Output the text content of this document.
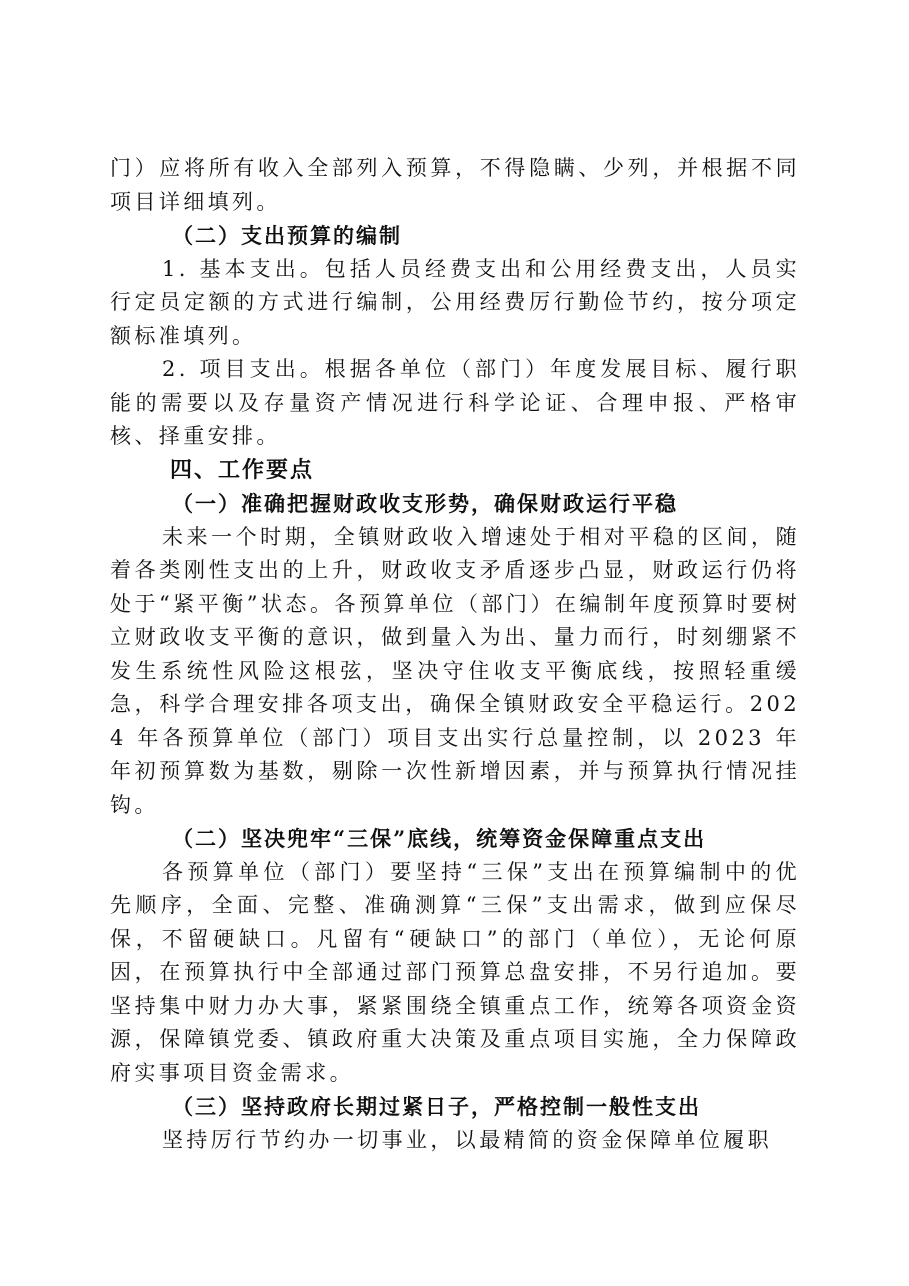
门）应将所有收入全部列入预算，不得隐瞒、少列，并根据不同项目详细填列。

（二）支出预算的编制

1. 基本支出。包括人员经费支出和公用经费支出，人员实行定员定额的方式进行编制，公用经费厉行勤俭节约，按分项定额标准填列。

2. 项目支出。根据各单位（部门）年度发展目标、履行职能的需要以及存量资产情况进行科学论证、合理申报、严格审核、择重安排。

四、工作要点

（一）准确把握财政收支形势，确保财政运行平稳

未来一个时期，全镇财政收入增速处于相对平稳的区间，随着各类刚性支出的上升，财政收支矛盾逐步凸显，财政运行仍将处于“紧平衡”状态。各预算单位（部门）在编制年度预算时要树立财政收支平衡的意识，做到量入为出、量力而行，时刻绷紧不发生系统性风险这根弦，坚决守住收支平衡底线，按照轻重缓急，科学合理安排各项支出，确保全镇财政安全平稳运行。2024 年各预算单位（部门）项目支出实行总量控制，以 2023 年年初预算数为基数，剔除一次性新增因素，并与预算执行情况挂钩。

（二）坚决兜牢“三保”底线，统筹资金保障重点支出

各预算单位（部门）要坚持“三保”支出在预算编制中的优先顺序，全面、完整、准确测算“三保”支出需求，做到应保尽保，不留硬缺口。凡留有“硬缺口”的部门（单位），无论何原因，在预算执行中全部通过部门预算总盘安排，不另行追加。要坚持集中财力办大事，紧紧围绕全镇重点工作，统筹各项资金资源，保障镇党委、镇政府重大决策及重点项目实施，全力保障政府实事项目资金需求。

（三）坚持政府长期过紧日子，严格控制一般性支出

坚持厉行节约办一切事业，以最精简的资金保障单位履职
